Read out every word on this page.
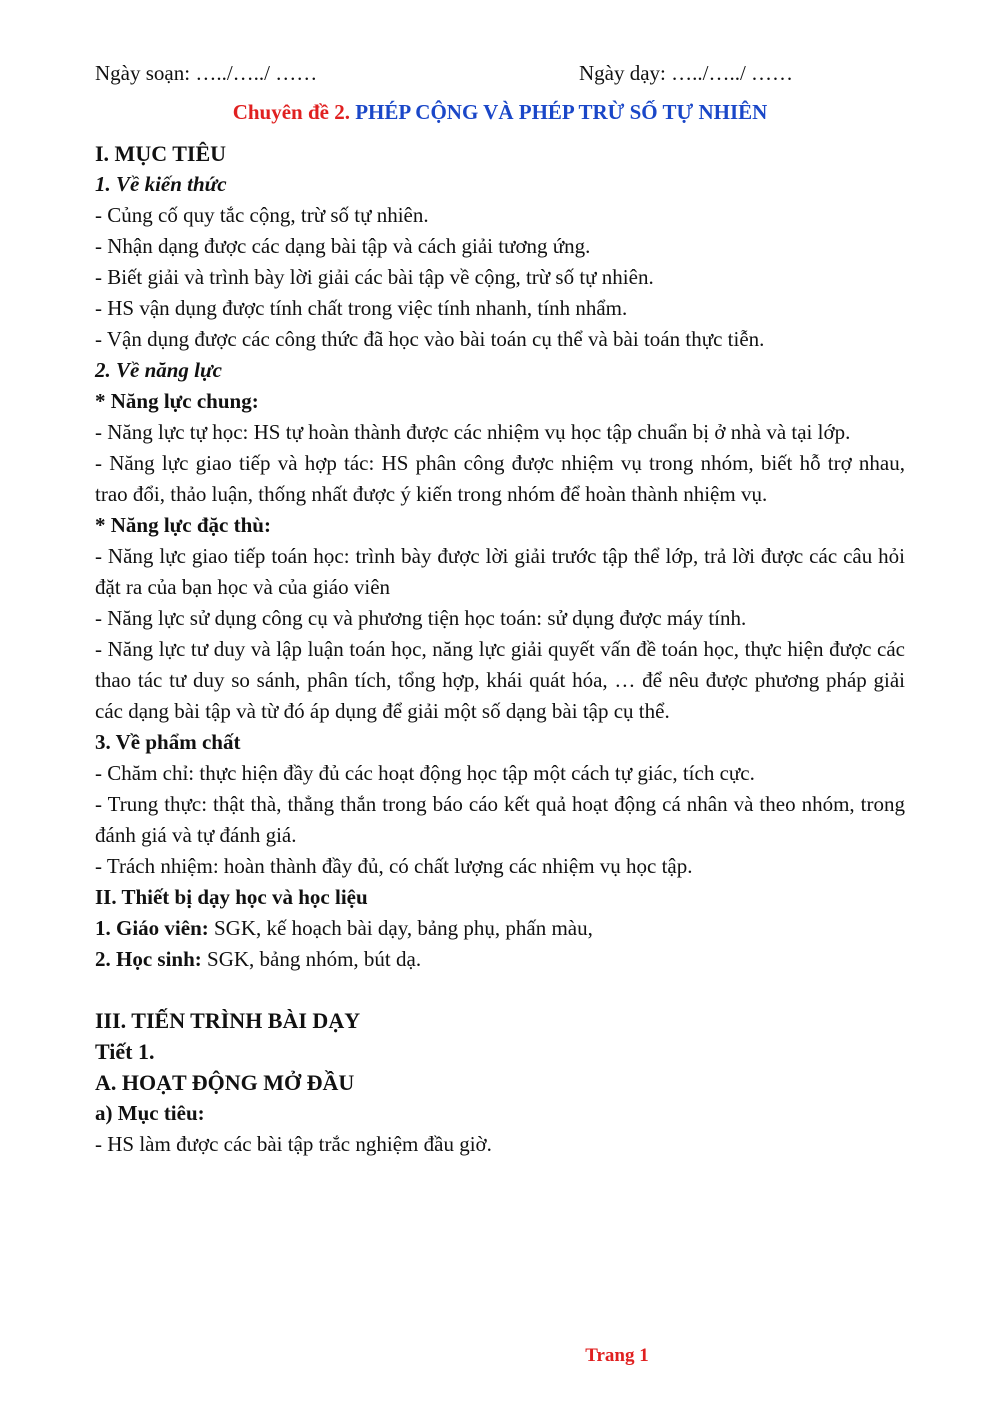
Ngày soạn: …../…../ ……	Ngày dạy: …../…../ ……
Chuyên đề 2. PHÉP CỘNG VÀ PHÉP TRỪ SỐ TỰ NHIÊN
I. MỤC TIÊU
1. Về kiến thức
- Củng cố quy tắc cộng, trừ số tự nhiên.
- Nhận dạng được các dạng bài tập và cách giải tương ứng.
- Biết giải và trình bày lời giải các bài tập về cộng, trừ số tự nhiên.
- HS vận dụng được tính chất trong việc tính nhanh, tính nhẩm.
- Vận dụng được các công thức đã học vào bài toán cụ thể và bài toán thực tiễn.
2. Về năng lực
* Năng lực chung:
- Năng lực tự học: HS tự hoàn thành được các nhiệm vụ học tập chuẩn bị ở nhà và tại lớp.
- Năng lực giao tiếp và hợp tác: HS phân công được nhiệm vụ trong nhóm, biết hỗ trợ nhau, trao đổi, thảo luận, thống nhất được ý kiến trong nhóm để hoàn thành nhiệm vụ.
* Năng lực đặc thù:
- Năng lực giao tiếp toán học: trình bày được lời giải trước tập thể lớp, trả lời được các câu hỏi đặt ra của bạn học và của giáo viên
- Năng lực sử dụng công cụ và phương tiện học toán: sử dụng được máy tính.
- Năng lực tư duy và lập luận toán học, năng lực giải quyết vấn đề toán học, thực hiện được các thao tác tư duy so sánh, phân tích, tổng hợp, khái quát hóa, … để nêu được phương pháp giải các dạng bài tập và từ đó áp dụng để giải một số dạng bài tập cụ thể.
3. Về phẩm chất
- Chăm chỉ: thực hiện đầy đủ các hoạt động học tập một cách tự giác, tích cực.
- Trung thực: thật thà, thẳng thắn trong báo cáo kết quả hoạt động cá nhân và theo nhóm, trong đánh giá và tự đánh giá.
- Trách nhiệm: hoàn thành đầy đủ, có chất lượng các nhiệm vụ học tập.
II. Thiết bị dạy học và học liệu
1. Giáo viên: SGK, kế hoạch bài dạy, bảng phụ, phấn màu,
2. Học sinh: SGK, bảng nhóm, bút dạ.
III. TIẾN TRÌNH BÀI DẠY
Tiết 1.
A. HOẠT ĐỘNG MỞ ĐẦU
a) Mục tiêu:
- HS làm được các bài tập trắc nghiệm đầu giờ.
Trang 1
